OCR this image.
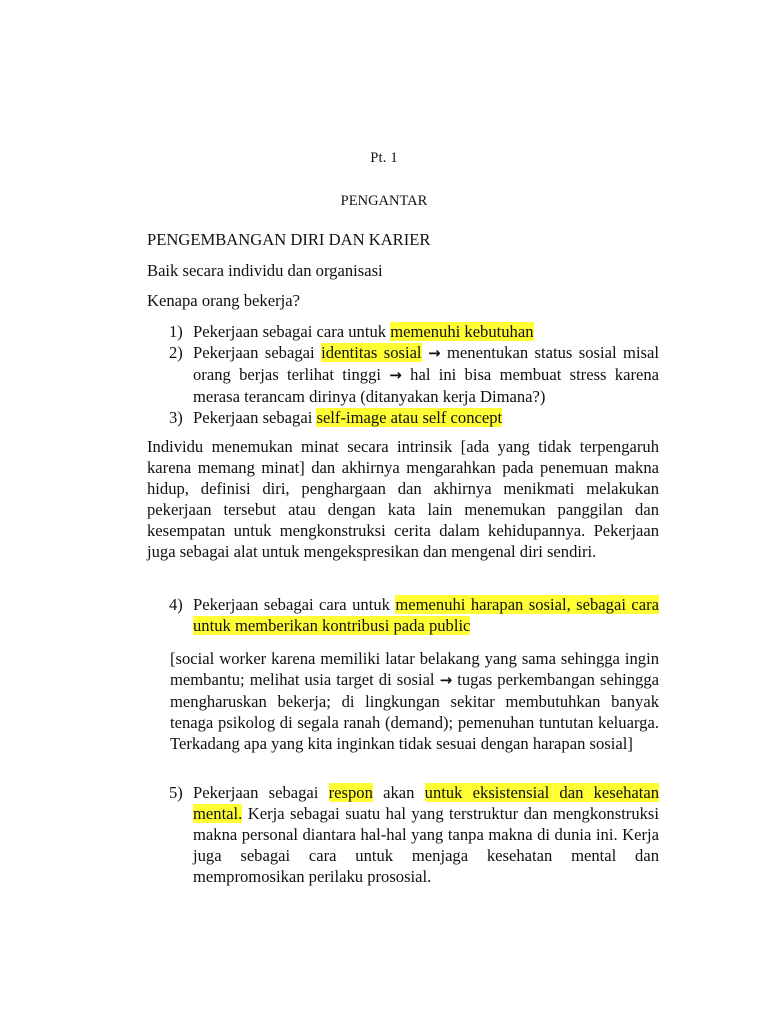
Pt. 1
PENGANTAR
PENGEMBANGAN DIRI DAN KARIER
Baik secara individu dan organisasi
Kenapa orang bekerja?
1) Pekerjaan sebagai cara untuk memenuhi kebutuhan
2) Pekerjaan sebagai identitas sosial → menentukan status sosial misal orang berjas terlihat tinggi → hal ini bisa membuat stress karena merasa terancam dirinya (ditanyakan kerja Dimana?)
3) Pekerjaan sebagai self-image atau self concept
Individu menemukan minat secara intrinsik [ada yang tidak terpengaruh karena memang minat] dan akhirnya mengarahkan pada penemuan makna hidup, definisi diri, penghargaan dan akhirnya menikmati melakukan pekerjaan tersebut atau dengan kata lain menemukan panggilan dan kesempatan untuk mengkonstruksi cerita dalam kehidupannya. Pekerjaan juga sebagai alat untuk mengekspresikan dan mengenal diri sendiri.
4) Pekerjaan sebagai cara untuk memenuhi harapan sosial, sebagai cara untuk memberikan kontribusi pada public
[social worker karena memiliki latar belakang yang sama sehingga ingin membantu; melihat usia target di sosial → tugas perkembangan sehingga mengharuskan bekerja; di lingkungan sekitar membutuhkan banyak tenaga psikolog di segala ranah (demand); pemenuhan tuntutan keluarga. Terkadang apa yang kita inginkan tidak sesuai dengan harapan sosial]
5) Pekerjaan sebagai respon akan untuk eksistensial dan kesehatan mental. Kerja sebagai suatu hal yang terstruktur dan mengkonstruksi makna personal diantara hal-hal yang tanpa makna di dunia ini. Kerja juga sebagai cara untuk menjaga kesehatan mental dan mempromosikan perilaku prososial.
